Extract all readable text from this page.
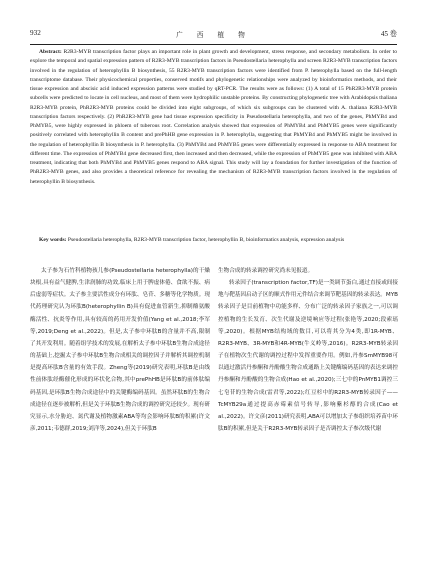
932	广 西 植 物	45 卷

Abstract: R2R3-MYB transcription factor plays an important role in plant growth and development, stress response, and secondary metabolism. In order to explore the temporal and spatial expression pattern of R2R3-MYB transcription factors in Pseudostellaria heterophylla and screen R2R3-MYB transcription factors involved in the regulation of heterophyllin B biosynthesis, 55 R2R3-MYB transcription factors were identified from P. heterophylla based on the full-length transcriptome database. Their physicochemical properties, conserved motifs and phylogenetic relationships were analyzed by bioinformatics methods, and their tissue expression and abscisic acid induced expression patterns were studied by qRT-PCR. The results were as follows: (1) A total of 15 PhR2R3-MYB protein subcells were predicted to locate in cell nucleus, and most of them were hydrophilic unstable proteins. By constructing phylogenetic tree with Arabidopsis thaliana R2R3-MYB protein, PhR2R3-MYB proteins could be divided into eight subgroups, of which six subgroups can be clustered with A. thaliana R2R3-MYB transcription factors respectively. (2) PhR2R3-MYB gene had tissue expression specificity in Pseudostellaria heterophylla, and two of the genes, PhMYB4 and PhMYB5, were highly expressed in phloem of tuberous root. Correlation analysis showed that expression of PhMYB4 and PhMYB5 genes were significantly positively correlated with heterophyllin B content and prePhHB gene expression in P. heterophylla, suggesting that PhMYB4 and PhMYB5 might be involved in the regulation of heterophyllin B biosynthesis in P. heterophylla. (3) PhMYB4 and PhMYB5 genes were differentially expressed in response to ABA treatment for different time. The expression of PhMYB4 gene decreased first, then increased and then decreased, while the expression of PhMYB5 gene was inhibited with ABA treatment, indicating that both PhMYB4 and PhMYB5 genes respond to ABA signal. This study will lay a foundation for further investigation of the function of PhR2R3-MYB genes, and also provides a theoretical reference for revealing the mechanism of R2R3-MYB transcription factors involved in the regulation of heterophyllin B biosynthesis.

Key words: Pseudostellaria heterophylla, R2R3-MYB transcription factor, heterophyllin B, bioinformatics analysis, expression analysis

太子参为石竹科植物孩儿参(Pseudostellaria heterophylla)的干燥块根,具有益气健脾,生津润肺的功效,临床上用于脾虚体倦、食欲不振、病后虚弱等症状。太子参主要活性成分有环肽、皂苷、多糖等化学物质。现代药理研究认为环肽B(heterophyllin B)具有促进血管新生,抑制酪氨酸酶活性、抗炎等作用,具有较高的药用开发价值(Yang et al.,2018;李军等,2019;Deng et al.,2022)。但是,太子参中环肽B的含量并不高,限制了其开发利用。随着组学技术的发展,在解析太子参中环肽B生物合成途径的基础上,挖掘太子参中环肽B生物合成相关的调控因子并解析其调控机制是提高环肽B含量的有效手段。Zheng等(2019)研究表明,环肽B是由线性前体肽经酶催化形成的环状化合物,其中prePhHB是环肽B的前体肽编码基因,是环肽B生物合成途径中的关键酶编码基因。虽然环肽B的生物合成途径在逐步被解析,但是关于环肽B生物合成的调控研究还较少。现有研究显示,水分胁迫、氮代谢及植物激素ABA等均会影响环肽B的积累(许文彦,2011;韦德群,2019;刘洋等,2024),但关于环肽B

生物合成的转录调控研究尚未见报道。

转录因子(transcription factor,TF)是一类调节蛋白,通过直接或间接地与靶基因启动子区的顺式作用元件结合来调节靶基因的转录表达。MYB转录因子是目前植物中功能多样、分布广泛的转录因子家族之一,可以调控植物的生长发育、次生代谢及逆境响应等过程(张艳等,2020;段索瑶等,2020)。根据MYB结构域的数目,可以将其分为4类,即1R-MYB、R2R3-MYB、3R-MYB和4R-MYB(牛义岭等,2016)。R2R3-MYB转录因子在植物次生代谢的调控过程中发挥重要作用。例如,丹参SmMYB98可以通过激活丹参酮和丹酚酸生物合成通路上关键酶编码基因的表达来调控丹参酮和丹酚酸的生物合成(Hao et al.,2020);三七中的PnMYB1调控三七皂苷的生物合成(雷君等,2022);红豆杉中的R2R3-MYB转录因子——TcMYB29a通过提高赤霉素信号转导,影响紫杉醇的合成(Cao et al.,2022)。许文彦(2011)研究表明,ABA可以增加太子参组织培养苗中环肽B的积累,但是关于R2R3-MYB转录因子是否调控太子参次级代谢
